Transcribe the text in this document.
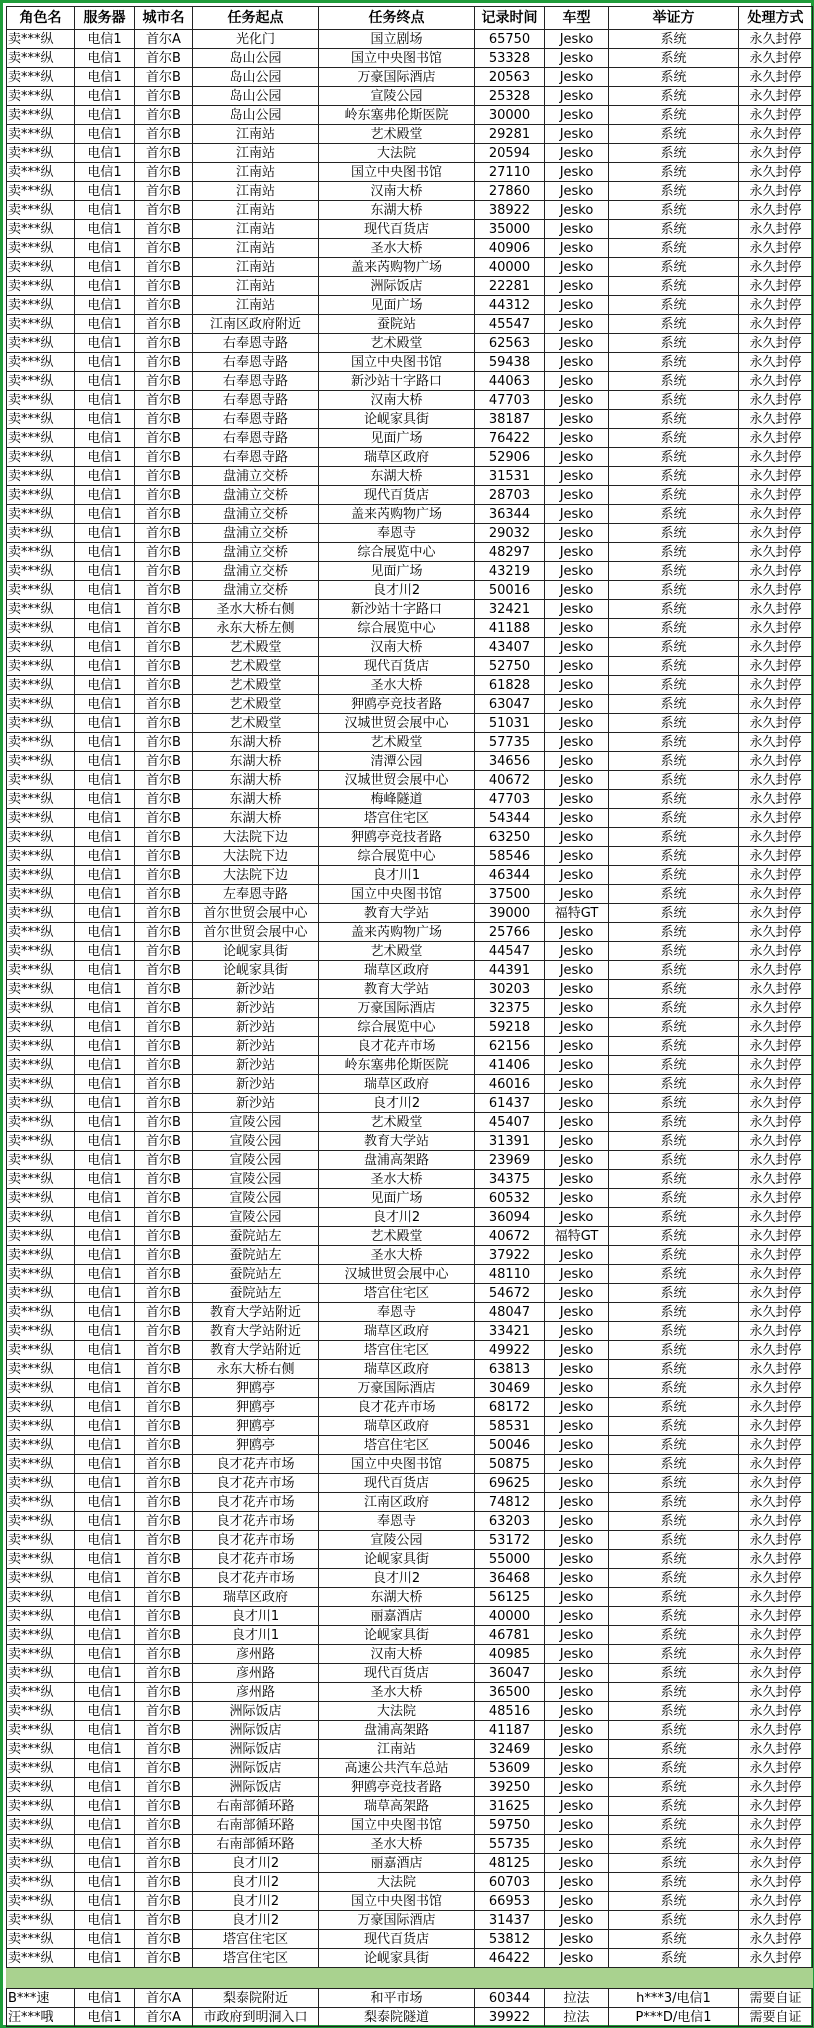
角色名	服务器	城市名	任务起点	任务终点	记录时间	车型	举证方	处理方式
卖***纵	电信1	首尔A	光化门	国立剧场	65750	Jesko	系统	永久封停
卖***纵	电信1	首尔B	岛山公园	国立中央图书馆	53328	Jesko	系统	永久封停
卖***纵	电信1	首尔B	岛山公园	万豪国际酒店	20563	Jesko	系统	永久封停
卖***纵	电信1	首尔B	岛山公园	宣陵公园	25328	Jesko	系统	永久封停
卖***纵	电信1	首尔B	岛山公园	岭东塞弗伦斯医院	30000	Jesko	系统	永久封停
卖***纵	电信1	首尔B	江南站	艺术殿堂	29281	Jesko	系统	永久封停
卖***纵	电信1	首尔B	江南站	大法院	20594	Jesko	系统	永久封停
卖***纵	电信1	首尔B	江南站	国立中央图书馆	27110	Jesko	系统	永久封停
卖***纵	电信1	首尔B	江南站	汉南大桥	27860	Jesko	系统	永久封停
卖***纵	电信1	首尔B	江南站	东湖大桥	38922	Jesko	系统	永久封停
卖***纵	电信1	首尔B	江南站	现代百货店	35000	Jesko	系统	永久封停
卖***纵	电信1	首尔B	江南站	圣水大桥	40906	Jesko	系统	永久封停
卖***纵	电信1	首尔B	江南站	盖来芮购物广场	40000	Jesko	系统	永久封停
卖***纵	电信1	首尔B	江南站	洲际饭店	22281	Jesko	系统	永久封停
卖***纵	电信1	首尔B	江南站	见面广场	44312	Jesko	系统	永久封停
卖***纵	电信1	首尔B	江南区政府附近	蚕院站	45547	Jesko	系统	永久封停
卖***纵	电信1	首尔B	右奉恩寺路	艺术殿堂	62563	Jesko	系统	永久封停
卖***纵	电信1	首尔B	右奉恩寺路	国立中央图书馆	59438	Jesko	系统	永久封停
卖***纵	电信1	首尔B	右奉恩寺路	新沙站十字路口	44063	Jesko	系统	永久封停
卖***纵	电信1	首尔B	右奉恩寺路	汉南大桥	47703	Jesko	系统	永久封停
卖***纵	电信1	首尔B	右奉恩寺路	论岘家具街	38187	Jesko	系统	永久封停
卖***纵	电信1	首尔B	右奉恩寺路	见面广场	76422	Jesko	系统	永久封停
卖***纵	电信1	首尔B	右奉恩寺路	瑞草区政府	52906	Jesko	系统	永久封停
卖***纵	电信1	首尔B	盘浦立交桥	东湖大桥	31531	Jesko	系统	永久封停
卖***纵	电信1	首尔B	盘浦立交桥	现代百货店	28703	Jesko	系统	永久封停
卖***纵	电信1	首尔B	盘浦立交桥	盖来芮购物广场	36344	Jesko	系统	永久封停
卖***纵	电信1	首尔B	盘浦立交桥	奉恩寺	29032	Jesko	系统	永久封停
卖***纵	电信1	首尔B	盘浦立交桥	综合展览中心	48297	Jesko	系统	永久封停
卖***纵	电信1	首尔B	盘浦立交桥	见面广场	43219	Jesko	系统	永久封停
卖***纵	电信1	首尔B	盘浦立交桥	良才川2	50016	Jesko	系统	永久封停
卖***纵	电信1	首尔B	圣水大桥右侧	新沙站十字路口	32421	Jesko	系统	永久封停
卖***纵	电信1	首尔B	永东大桥左侧	综合展览中心	41188	Jesko	系统	永久封停
卖***纵	电信1	首尔B	艺术殿堂	汉南大桥	43407	Jesko	系统	永久封停
卖***纵	电信1	首尔B	艺术殿堂	现代百货店	52750	Jesko	系统	永久封停
卖***纵	电信1	首尔B	艺术殿堂	圣水大桥	61828	Jesko	系统	永久封停
卖***纵	电信1	首尔B	艺术殿堂	狎鸥亭竞技者路	63047	Jesko	系统	永久封停
卖***纵	电信1	首尔B	艺术殿堂	汉城世贸会展中心	51031	Jesko	系统	永久封停
卖***纵	电信1	首尔B	东湖大桥	艺术殿堂	57735	Jesko	系统	永久封停
卖***纵	电信1	首尔B	东湖大桥	清潭公园	34656	Jesko	系统	永久封停
卖***纵	电信1	首尔B	东湖大桥	汉城世贸会展中心	40672	Jesko	系统	永久封停
卖***纵	电信1	首尔B	东湖大桥	梅峰隧道	47703	Jesko	系统	永久封停
卖***纵	电信1	首尔B	东湖大桥	塔宫住宅区	54344	Jesko	系统	永久封停
卖***纵	电信1	首尔B	大法院下边	狎鸥亭竞技者路	63250	Jesko	系统	永久封停
卖***纵	电信1	首尔B	大法院下边	综合展览中心	58546	Jesko	系统	永久封停
卖***纵	电信1	首尔B	大法院下边	良才川1	46344	Jesko	系统	永久封停
卖***纵	电信1	首尔B	左奉恩寺路	国立中央图书馆	37500	Jesko	系统	永久封停
卖***纵	电信1	首尔B	首尔世贸会展中心	教育大学站	39000	福特GT	系统	永久封停
卖***纵	电信1	首尔B	首尔世贸会展中心	盖来芮购物广场	25766	Jesko	系统	永久封停
卖***纵	电信1	首尔B	论岘家具街	艺术殿堂	44547	Jesko	系统	永久封停
卖***纵	电信1	首尔B	论岘家具街	瑞草区政府	44391	Jesko	系统	永久封停
卖***纵	电信1	首尔B	新沙站	教育大学站	30203	Jesko	系统	永久封停
卖***纵	电信1	首尔B	新沙站	万豪国际酒店	32375	Jesko	系统	永久封停
卖***纵	电信1	首尔B	新沙站	综合展览中心	59218	Jesko	系统	永久封停
卖***纵	电信1	首尔B	新沙站	良才花卉市场	62156	Jesko	系统	永久封停
卖***纵	电信1	首尔B	新沙站	岭东塞弗伦斯医院	41406	Jesko	系统	永久封停
卖***纵	电信1	首尔B	新沙站	瑞草区政府	46016	Jesko	系统	永久封停
卖***纵	电信1	首尔B	新沙站	良才川2	61437	Jesko	系统	永久封停
卖***纵	电信1	首尔B	宣陵公园	艺术殿堂	45407	Jesko	系统	永久封停
卖***纵	电信1	首尔B	宣陵公园	教育大学站	31391	Jesko	系统	永久封停
卖***纵	电信1	首尔B	宣陵公园	盘浦高架路	23969	Jesko	系统	永久封停
卖***纵	电信1	首尔B	宣陵公园	圣水大桥	34375	Jesko	系统	永久封停
卖***纵	电信1	首尔B	宣陵公园	见面广场	60532	Jesko	系统	永久封停
卖***纵	电信1	首尔B	宣陵公园	良才川2	36094	Jesko	系统	永久封停
卖***纵	电信1	首尔B	蚕院站左	艺术殿堂	40672	福特GT	系统	永久封停
卖***纵	电信1	首尔B	蚕院站左	圣水大桥	37922	Jesko	系统	永久封停
卖***纵	电信1	首尔B	蚕院站左	汉城世贸会展中心	48110	Jesko	系统	永久封停
卖***纵	电信1	首尔B	蚕院站左	塔宫住宅区	54672	Jesko	系统	永久封停
卖***纵	电信1	首尔B	教育大学站附近	奉恩寺	48047	Jesko	系统	永久封停
卖***纵	电信1	首尔B	教育大学站附近	瑞草区政府	33421	Jesko	系统	永久封停
卖***纵	电信1	首尔B	教育大学站附近	塔宫住宅区	49922	Jesko	系统	永久封停
卖***纵	电信1	首尔B	永东大桥右侧	瑞草区政府	63813	Jesko	系统	永久封停
卖***纵	电信1	首尔B	狎鸥亭	万豪国际酒店	30469	Jesko	系统	永久封停
卖***纵	电信1	首尔B	狎鸥亭	良才花卉市场	68172	Jesko	系统	永久封停
卖***纵	电信1	首尔B	狎鸥亭	瑞草区政府	58531	Jesko	系统	永久封停
卖***纵	电信1	首尔B	狎鸥亭	塔宫住宅区	50046	Jesko	系统	永久封停
卖***纵	电信1	首尔B	良才花卉市场	国立中央图书馆	50875	Jesko	系统	永久封停
卖***纵	电信1	首尔B	良才花卉市场	现代百货店	69625	Jesko	系统	永久封停
卖***纵	电信1	首尔B	良才花卉市场	江南区政府	74812	Jesko	系统	永久封停
卖***纵	电信1	首尔B	良才花卉市场	奉恩寺	63203	Jesko	系统	永久封停
卖***纵	电信1	首尔B	良才花卉市场	宣陵公园	53172	Jesko	系统	永久封停
卖***纵	电信1	首尔B	良才花卉市场	论岘家具街	55000	Jesko	系统	永久封停
卖***纵	电信1	首尔B	良才花卉市场	良才川2	36468	Jesko	系统	永久封停
卖***纵	电信1	首尔B	瑞草区政府	东湖大桥	56125	Jesko	系统	永久封停
卖***纵	电信1	首尔B	良才川1	丽嘉酒店	40000	Jesko	系统	永久封停
卖***纵	电信1	首尔B	良才川1	论岘家具街	46781	Jesko	系统	永久封停
卖***纵	电信1	首尔B	彦州路	汉南大桥	40985	Jesko	系统	永久封停
卖***纵	电信1	首尔B	彦州路	现代百货店	36047	Jesko	系统	永久封停
卖***纵	电信1	首尔B	彦州路	圣水大桥	36500	Jesko	系统	永久封停
卖***纵	电信1	首尔B	洲际饭店	大法院	48516	Jesko	系统	永久封停
卖***纵	电信1	首尔B	洲际饭店	盘浦高架路	41187	Jesko	系统	永久封停
卖***纵	电信1	首尔B	洲际饭店	江南站	32469	Jesko	系统	永久封停
卖***纵	电信1	首尔B	洲际饭店	高速公共汽车总站	53609	Jesko	系统	永久封停
卖***纵	电信1	首尔B	洲际饭店	狎鸥亭竞技者路	39250	Jesko	系统	永久封停
卖***纵	电信1	首尔B	右南部循环路	瑞草高架路	31625	Jesko	系统	永久封停
卖***纵	电信1	首尔B	右南部循环路	国立中央图书馆	59750	Jesko	系统	永久封停
卖***纵	电信1	首尔B	右南部循环路	圣水大桥	55735	Jesko	系统	永久封停
卖***纵	电信1	首尔B	良才川2	丽嘉酒店	48125	Jesko	系统	永久封停
卖***纵	电信1	首尔B	良才川2	大法院	60703	Jesko	系统	永久封停
卖***纵	电信1	首尔B	良才川2	国立中央图书馆	66953	Jesko	系统	永久封停
卖***纵	电信1	首尔B	良才川2	万豪国际酒店	31437	Jesko	系统	永久封停
卖***纵	电信1	首尔B	塔宫住宅区	现代百货店	53812	Jesko	系统	永久封停
卖***纵	电信1	首尔B	塔宫住宅区	论岘家具街	46422	Jesko	系统	永久封停

B***速	电信1	首尔A	梨泰院附近	和平市场	60344	拉法	h***3/电信1	需要自证
汪***哦	电信1	首尔A	市政府到明洞入口	梨泰院隧道	39922	拉法	P***D/电信1	需要自证
